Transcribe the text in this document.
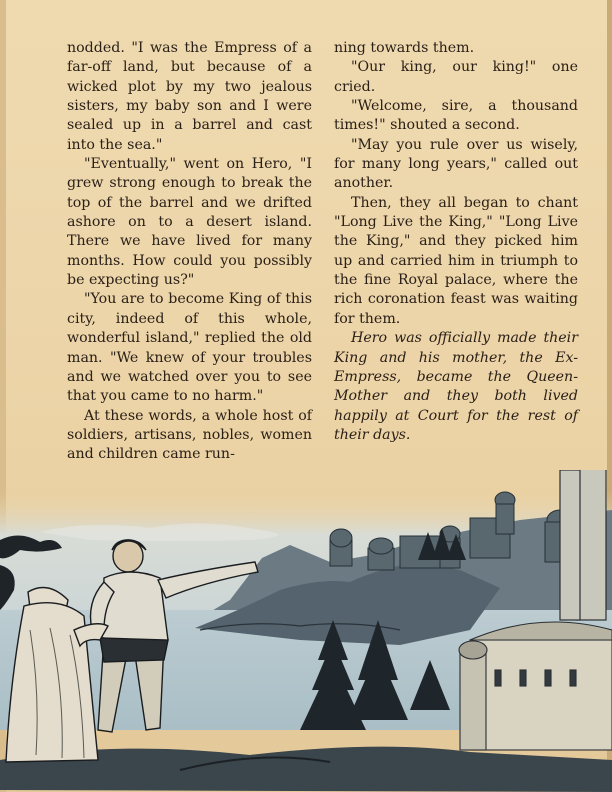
nodded. "I was the Empress of a far-off land, but because of a wicked plot by my two jealous sisters, my baby son and I were sealed up in a barrel and cast into the sea."

"Eventually," went on Hero, "I grew strong enough to break the top of the barrel and we drifted ashore on to a desert island. There we have lived for many months. How could you possibly be expecting us?"

"You are to become King of this city, indeed of this whole, wonderful island," replied the old man. "We knew of your troubles and we watched over you to see that you came to no harm."

At these words, a whole host of soldiers, artisans, nobles, women and children came run-

ning towards them.

"Our king, our king!" one cried.

"Welcome, sire, a thousand times!" shouted a second.

"May you rule over us wisely, for many long years," called out another.

Then, they all began to chant "Long Live the King," "Long Live the King," and they picked him up and carried him in triumph to the fine Royal palace, where the rich coronation feast was waiting for them.

Hero was officially made their King and his mother, the Ex-Empress, became the Queen-Mother and they both lived happily at Court for the rest of their days.
